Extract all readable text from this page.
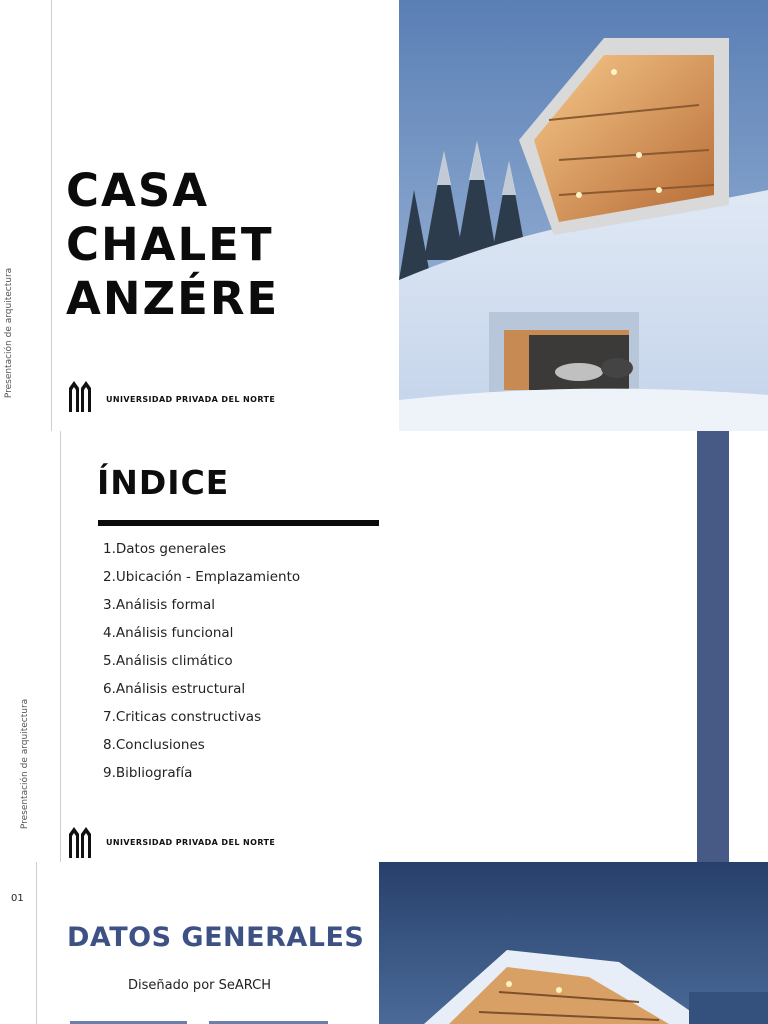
Presentación de arquitectura
CASA CHALET
ANZÉRE
UNIVERSIDAD PRIVADA DEL NORTE
Presentación de arquitectura
ÍNDICE
1.Datos generales
2.Ubicación - Emplazamiento
3.Análisis formal
4.Análisis funcional
5.Análisis climático
6.Análisis estructural
7.Criticas constructivas
8.Conclusiones
9.Bibliografía
UNIVERSIDAD PRIVADA DEL NORTE
01
DATOS GENERALES
Diseñado por SeARCH
